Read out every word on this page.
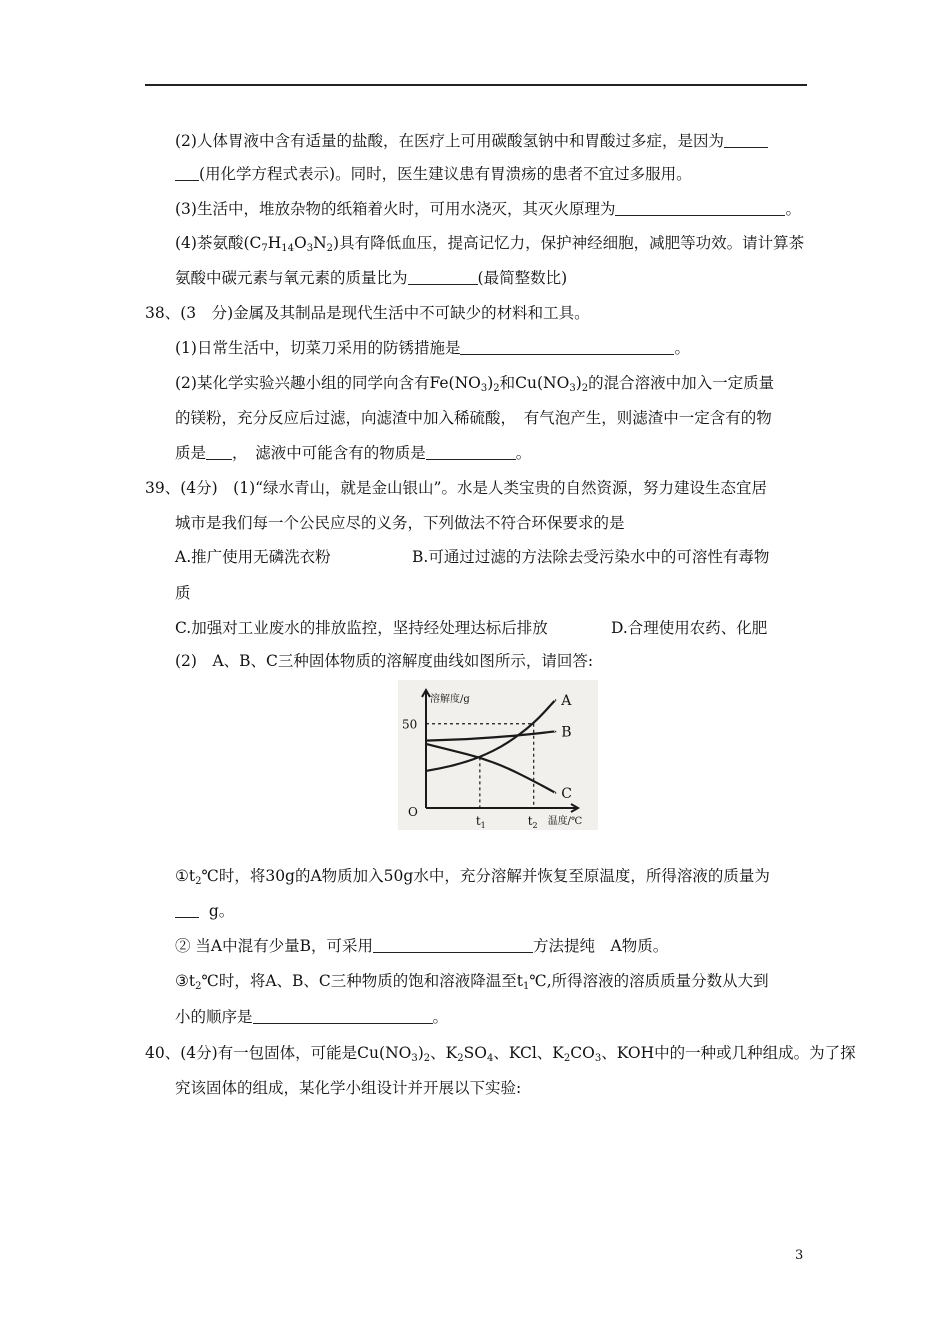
(2)人体胃液中含有适量的盐酸，在医疗上可用碳酸氢钠中和胃酸过多症，是因为
(用化学方程式表示)。同时，医生建议患有胃溃疡的患者不宜过多服用。
(3)生活中，堆放杂物的纸箱着火时，可用水浇灭，其灭火原理为	。
(4)茶氨酸$(C_7H_{14}O_3N_2)$具有降低血压，提高记忆力，保护神经细胞，减肥等功效。请计算茶
氨酸中碳元素与氧元素的质量比为	(最简整数比)
38、(3　分)金属及其制品是现代生活中不可缺少的材料和工具。
(1)日常生活中，切菜刀采用的防锈措施是	。
(2)某化学实验兴趣小组的同学向含有$Fe(NO_3)_2$和$Cu(NO_3)_2$的混合溶液中加入一定质量
的镁粉，充分反应后过滤，向滤渣中加入稀硫酸，　有气泡产生，则滤渣中一定含有的物
质是 ，　滤液中可能含有的物质是	。
39、(4分)　(1)“绿水青山，就是金山银山”。水是人类宝贵的自然资源，努力建设生态宜居
城市是我们每一个公民应尽的义务，下列做法不符合环保要求的是
A.推广使用无磷洗衣粉	B.可通过过滤的方法除去受污染水中的可溶性有毒物
质
C.加强对工业废水的排放监控，坚持经处理达标后排放	D.合理使用农药、化肥
(2)　A、B、C三种固体物质的溶解度曲线如图所示，请回答:
A
B
C
溶解度/g
50
O
$t_1$	$t_2$ 温度/℃
$①t_2℃$时，将30g的A物质加入50g水中，充分溶解并恢复至原温度，所得溶液的质量为
g。
② 当A中混有少量B，可采用	方法提纯　A物质。
$③t_2℃$时，将A、B、C三种物质的饱和溶液降温至$t_1℃$,所得溶液的溶质质量分数从大到
小的顺序是	。
40、(4分)有一包固体，可能是$Cu(NO_3)_2$、$K_2SO_4$、KCl、$K_2CO_3$、KOH中的一种或几种组成。为了探
究该固体的组成，某化学小组设计并开展以下实验:
3
